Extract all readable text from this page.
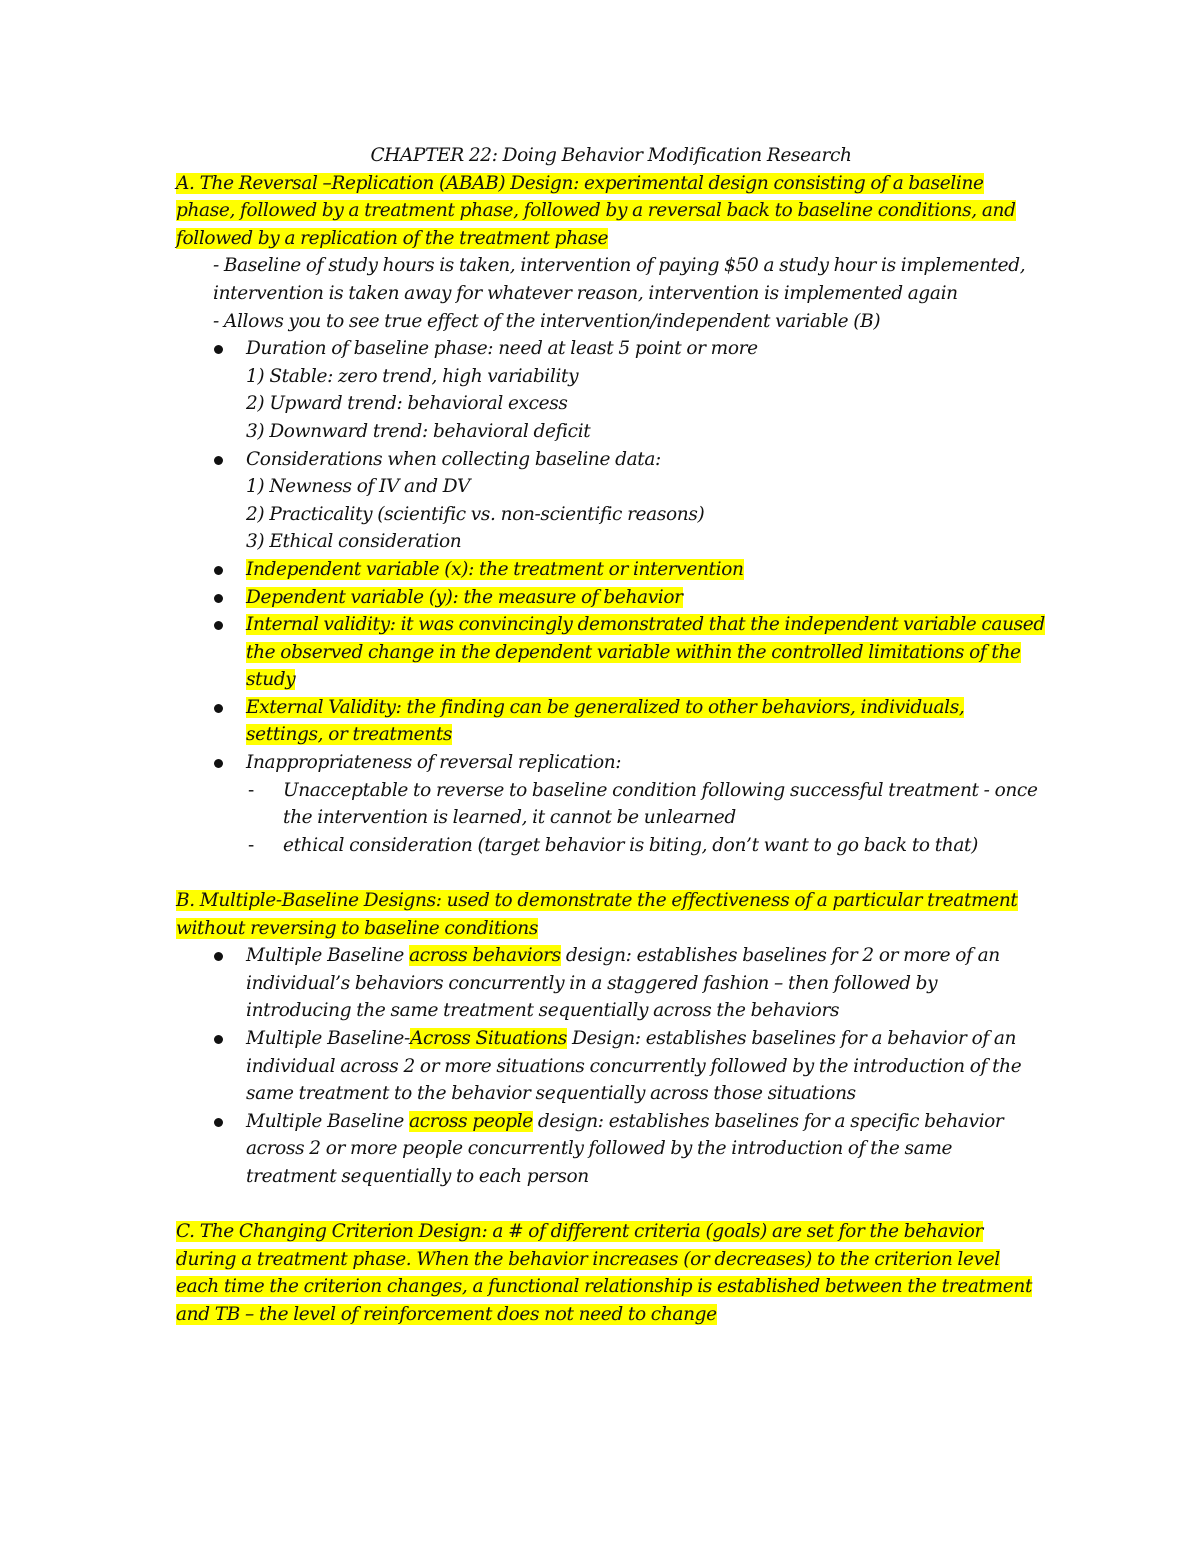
CHAPTER 22: Doing Behavior Modification Research

A. The Reversal –Replication (ABAB) Design: experimental design consisting of a baseline phase, followed by a treatment phase, followed by a reversal back to baseline conditions, and followed by a replication of the treatment phase

- Baseline of study hours is taken, intervention of paying $50 a study hour is implemented, intervention is taken away for whatever reason, intervention is implemented again

- Allows you to see true effect of the intervention/independent variable (B)

Duration of baseline phase: need at least 5 point or more

1) Stable: zero trend, high variability

2) Upward trend: behavioral excess

3) Downward trend: behavioral deficit

Considerations when collecting baseline data:

1) Newness of IV and DV

2) Practicality (scientific vs. non-scientific reasons)

3) Ethical consideration

Independent variable (x): the treatment or intervention
Dependent variable (y): the measure of behavior
Internal validity: it was convincingly demonstrated that the independent variable caused the observed change in the dependent variable within the controlled limitations of the study
External Validity: the finding can be generalized to other behaviors, individuals, settings, or treatments
Inappropriateness of reversal replication:
- Unacceptable to reverse to baseline condition following successful treatment - once the intervention is learned, it cannot be unlearned
- ethical consideration (target behavior is biting, don’t want to go back to that)

B. Multiple-Baseline Designs: used to demonstrate the effectiveness of a particular treatment without reversing to baseline conditions

Multiple Baseline across behaviors design: establishes baselines for 2 or more of an individual’s behaviors concurrently in a staggered fashion – then followed by introducing the same treatment sequentially across the behaviors
Multiple Baseline-Across Situations Design: establishes baselines for a behavior of an individual across 2 or more situations concurrently followed by the introduction of the same treatment to the behavior sequentially across those situations
Multiple Baseline across people design: establishes baselines for a specific behavior across 2 or more people concurrently followed by the introduction of the same treatment sequentially to each person

C. The Changing Criterion Design: a # of different criteria (goals) are set for the behavior during a treatment phase. When the behavior increases (or decreases) to the criterion level each time the criterion changes, a functional relationship is established between the treatment and TB – the level of reinforcement does not need to change
